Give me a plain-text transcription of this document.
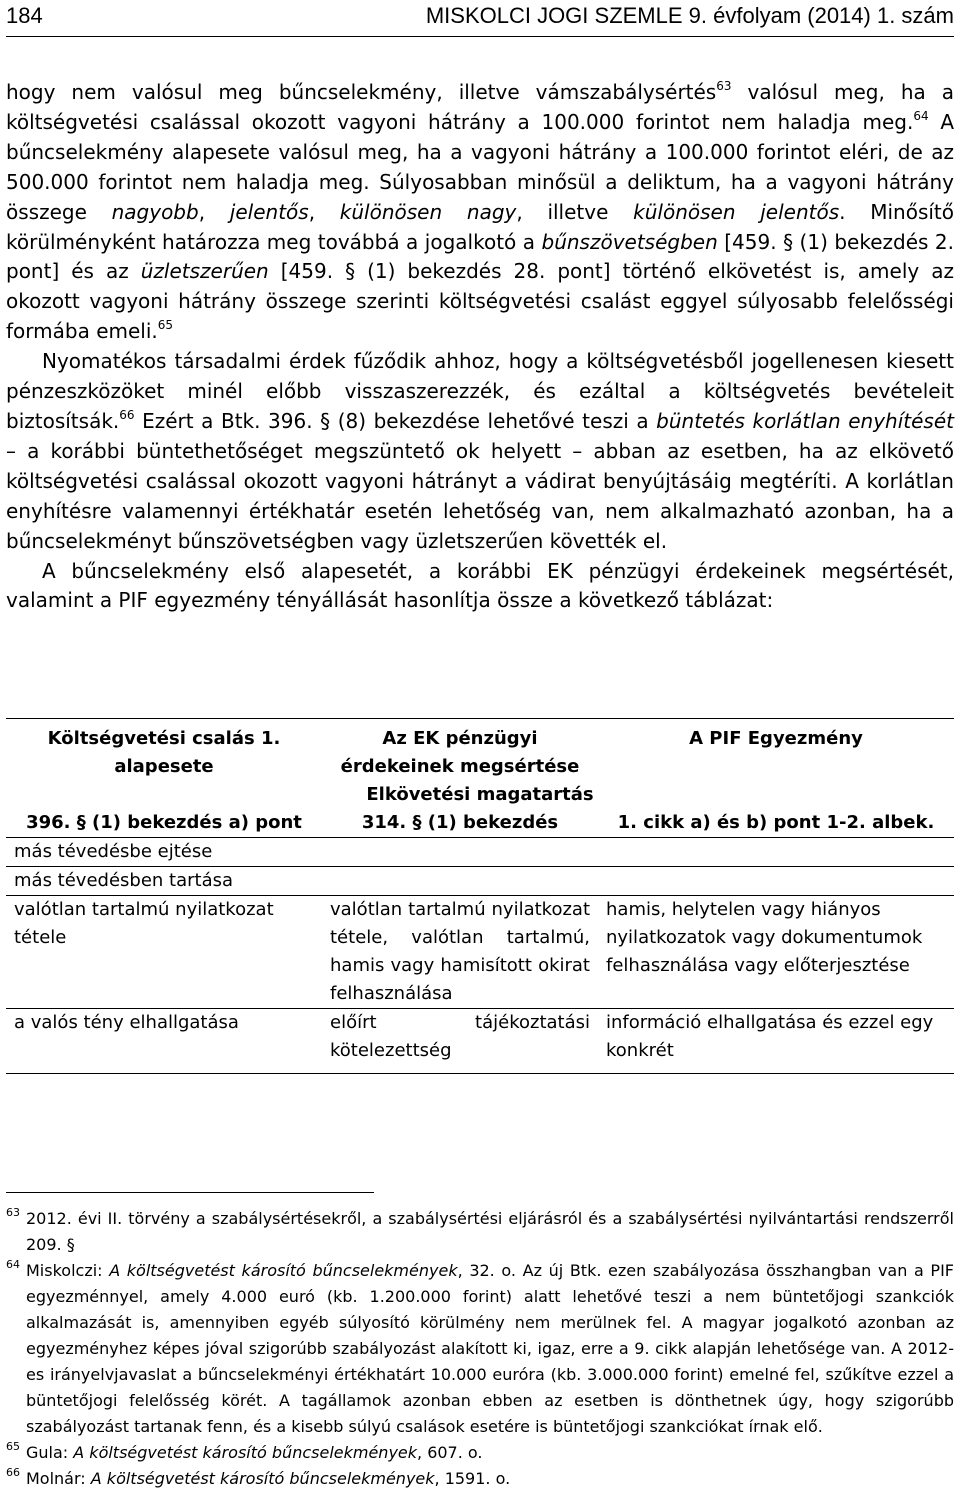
184	MISKOLCI JOGI SZEMLE 9. évfolyam (2014) 1. szám

hogy nem valósul meg bűncselekmény, illetve vámszabálysértés$^{63}$ valósul meg, ha a költségvetési csalással okozott vagyoni hátrány a 100.000 forintot nem haladja meg.$^{64}$ A bűncselekmény alapesete valósul meg, ha a vagyoni hátrány a 100.000 forintot eléri, de az 500.000 forintot nem haladja meg. Súlyosabban minősül a deliktum, ha a vagyoni hátrány összege nagyobb, jelentős, különösen nagy, illetve különösen jelentős. Minősítő körülményként határozza meg továbbá a jogalkotó a bűnszövetségben [459. § (1) bekezdés 2. pont] és az üzletszerűen [459. § (1) bekezdés 28. pont] történő elkövetést is, amely az okozott vagyoni hátrány összege szerinti költségvetési csalást eggyel súlyosabb felelősségi formába emeli.$^{65}$

Nyomatékos társadalmi érdek fűződik ahhoz, hogy a költségvetésből jogellenesen kiesett pénzeszközöket minél előbb visszaszerezzék, és ezáltal a költségvetés bevételeit biztosítsák.$^{66}$ Ezért a Btk. 396. § (8) bekezdése lehetővé teszi a büntetés korlátlan enyhítését – a korábbi büntethetőséget megszüntető ok helyett – abban az esetben, ha az elkövető költségvetési csalással okozott vagyoni hátrányt a vádirat benyújtásáig megtéríti. A korlátlan enyhítésre valamennyi értékhatár esetén lehetőség van, nem alkalmazható azonban, ha a bűncselekményt bűnszövetségben vagy üzletszerűen követték el.

A bűncselekmény első alapesetét, a korábbi EK pénzügyi érdekeinek megsértését, valamint a PIF egyezmény tényállását hasonlítja össze a következő táblázat:

Költségvetési csalás 1. alapesete	Az EK pénzügyi érdekeinek megsértése	A PIF Egyezmény
Elkövetési magatartás		
396. § (1) bekezdés a) pont	314. § (1) bekezdés	1. cikk a) és b) pont 1-2. albek.
más tévedésbe ejtése		
más tévedésben tartása		
valótlan tartalmú nyilatkozat tétele	valótlan tartalmú nyilatkozat tétele, valótlan tartalmú, hamis vagy hamisított okirat felhasználása	hamis, helytelen vagy hiányos nyilatkozatok vagy dokumentumok felhasználása vagy előterjesztése
a valós tény elhallgatása	előírt tájékoztatási kötelezettség	információ elhallgatása és ezzel egy konkrét
63 2012. évi II. törvény a szabálysértésekről, a szabálysértési eljárásról és a szabálysértési nyilvántartási rendszerről 209. §
64 Miskolczi: A költségvetést károsító bűncselekmények, 32. o. Az új Btk. ezen szabályozása összhangban van a PIF egyezménnyel, amely 4.000 euró (kb. 1.200.000 forint) alatt lehetővé teszi a nem büntetőjogi szankciók alkalmazását is, amennyiben egyéb súlyosító körülmény nem merülnek fel. A magyar jogalkotó azonban az egyezményhez képes jóval szigorúbb szabályozást alakított ki, igaz, erre a 9. cikk alapján lehetősége van. A 2012-es irányelvjavaslat a bűncselekményi értékhatárt 10.000 euróra (kb. 3.000.000 forint) emelné fel, szűkítve ezzel a büntetőjogi felelősség körét. A tagállamok azonban ebben az esetben is dönthetnek úgy, hogy szigorúbb szabályozást tartanak fenn, és a kisebb súlyú csalások esetére is büntetőjogi szankciókat írnak elő.
65 Gula: A költségvetést károsító bűncselekmények, 607. o.
66 Molnár: A költségvetést károsító bűncselekmények, 1591. o.
